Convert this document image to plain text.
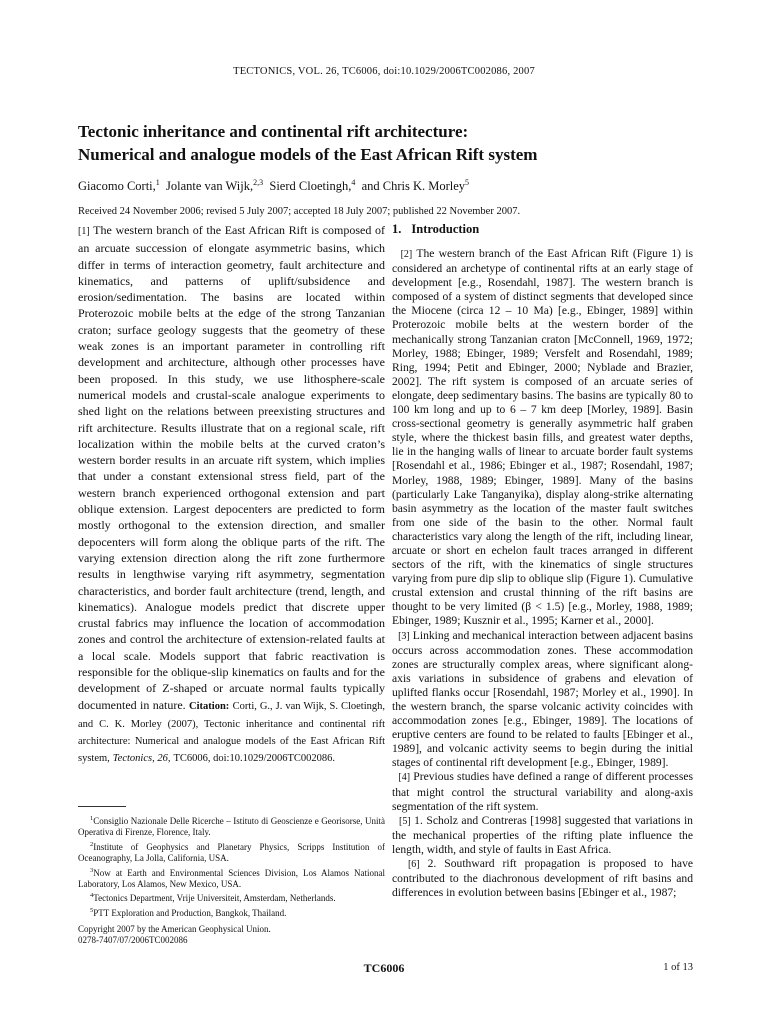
TECTONICS, VOL. 26, TC6006, doi:10.1029/2006TC002086, 2007
Tectonic inheritance and continental rift architecture:
Numerical and analogue models of the East African Rift system
Giacomo Corti,$^1$ Jolante van Wijk,$^{2,3}$ Sierd Cloetingh,$^4$ and Chris K. Morley$^5$
Received 24 November 2006; revised 5 July 2007; accepted 18 July 2007; published 22 November 2007.

[1] The western branch of the East African Rift is composed of an arcuate succession of elongate asymmetric basins, which differ in terms of interaction geometry, fault architecture and kinematics, and patterns of uplift/subsidence and erosion/sedimentation. The basins are located within Proterozoic mobile belts at the edge of the strong Tanzanian craton; surface geology suggests that the geometry of these weak zones is an important parameter in controlling rift development and architecture, although other processes have been proposed. In this study, we use lithosphere-scale numerical models and crustal-scale analogue experiments to shed light on the relations between preexisting structures and rift architecture. Results illustrate that on a regional scale, rift localization within the mobile belts at the curved craton’s western border results in an arcuate rift system, which implies that under a constant extensional stress field, part of the western branch experienced orthogonal extension and part oblique extension. Largest depocenters are predicted to form mostly orthogonal to the extension direction, and smaller depocenters will form along the oblique parts of the rift. The varying extension direction along the rift zone furthermore results in lengthwise varying rift asymmetry, segmentation characteristics, and border fault architecture (trend, length, and kinematics). Analogue models predict that discrete upper crustal fabrics may influence the location of accommodation zones and control the architecture of extension-related faults at a local scale. Models support that fabric reactivation is responsible for the oblique-slip kinematics on faults and for the development of Z-shaped or arcuate normal faults typically documented in nature. Citation: Corti, G., J. van Wijk, S. Cloetingh, and C. K. Morley (2007), Tectonic inheritance and continental rift architecture: Numerical and analogue models of the East African Rift system, Tectonics, 26, TC6006, doi:10.1029/2006TC002086.

$^1$Consiglio Nazionale Delle Ricerche – Istituto di Geoscienze e Georisorse, Unità Operativa di Firenze, Florence, Italy.

$^2$Institute of Geophysics and Planetary Physics, Scripps Institution of Oceanography, La Jolla, California, USA.

$^3$Now at Earth and Environmental Sciences Division, Los Alamos National Laboratory, Los Alamos, New Mexico, USA.

$^4$Tectonics Department, Vrije Universiteit, Amsterdam, Netherlands.

$^5$PTT Exploration and Production, Bangkok, Thailand.

Copyright 2007 by the American Geophysical Union.
0278-7407/07/2006TC002086
1. Introduction

[2] The western branch of the East African Rift (Figure 1) is considered an archetype of continental rifts at an early stage of development [e.g., Rosendahl, 1987]. The western branch is composed of a system of distinct segments that developed since the Miocene (circa 12 – 10 Ma) [e.g., Ebinger, 1989] within Proterozoic mobile belts at the western border of the mechanically strong Tanzanian craton [McConnell, 1969, 1972; Morley, 1988; Ebinger, 1989; Versfelt and Rosendahl, 1989; Ring, 1994; Petit and Ebinger, 2000; Nyblade and Brazier, 2002]. The rift system is composed of an arcuate series of elongate, deep sedimentary basins. The basins are typically 80 to 100 km long and up to 6 – 7 km deep [Morley, 1989]. Basin cross-sectional geometry is generally asymmetric half graben style, where the thickest basin fills, and greatest water depths, lie in the hanging walls of linear to arcuate border fault systems [Rosendahl et al., 1986; Ebinger et al., 1987; Rosendahl, 1987; Morley, 1988, 1989; Ebinger, 1989]. Many of the basins (particularly Lake Tanganyika), display along-strike alternating basin asymmetry as the location of the master fault switches from one side of the basin to the other. Normal fault characteristics vary along the length of the rift, including linear, arcuate or short en echelon fault traces arranged in different sectors of the rift, with the kinematics of single structures varying from pure dip slip to oblique slip (Figure 1). Cumulative crustal extension and crustal thinning of the rift basins are thought to be very limited (β < 1.5) [e.g., Morley, 1988, 1989; Ebinger, 1989; Kusznir et al., 1995; Karner et al., 2000].

[3] Linking and mechanical interaction between adjacent basins occurs across accommodation zones. These accommodation zones are structurally complex areas, where significant along-axis variations in subsidence of grabens and elevation of uplifted flanks occur [Rosendahl, 1987; Morley et al., 1990]. In the western branch, the sparse volcanic activity coincides with accommodation zones [e.g., Ebinger, 1989]. The locations of eruptive centers are found to be related to faults [Ebinger et al., 1989], and volcanic activity seems to begin during the initial stages of continental rift development [e.g., Ebinger, 1989].

[4] Previous studies have defined a range of different processes that might control the structural variability and along-axis segmentation of the rift system.

[5] 1. Scholz and Contreras [1998] suggested that variations in the mechanical properties of the rifting plate influence the length, width, and style of faults in East Africa.

[6] 2. Southward rift propagation is proposed to have contributed to the diachronous development of rift basins and differences in evolution between basins [Ebinger et al., 1987;

TC6006	1 of 13
